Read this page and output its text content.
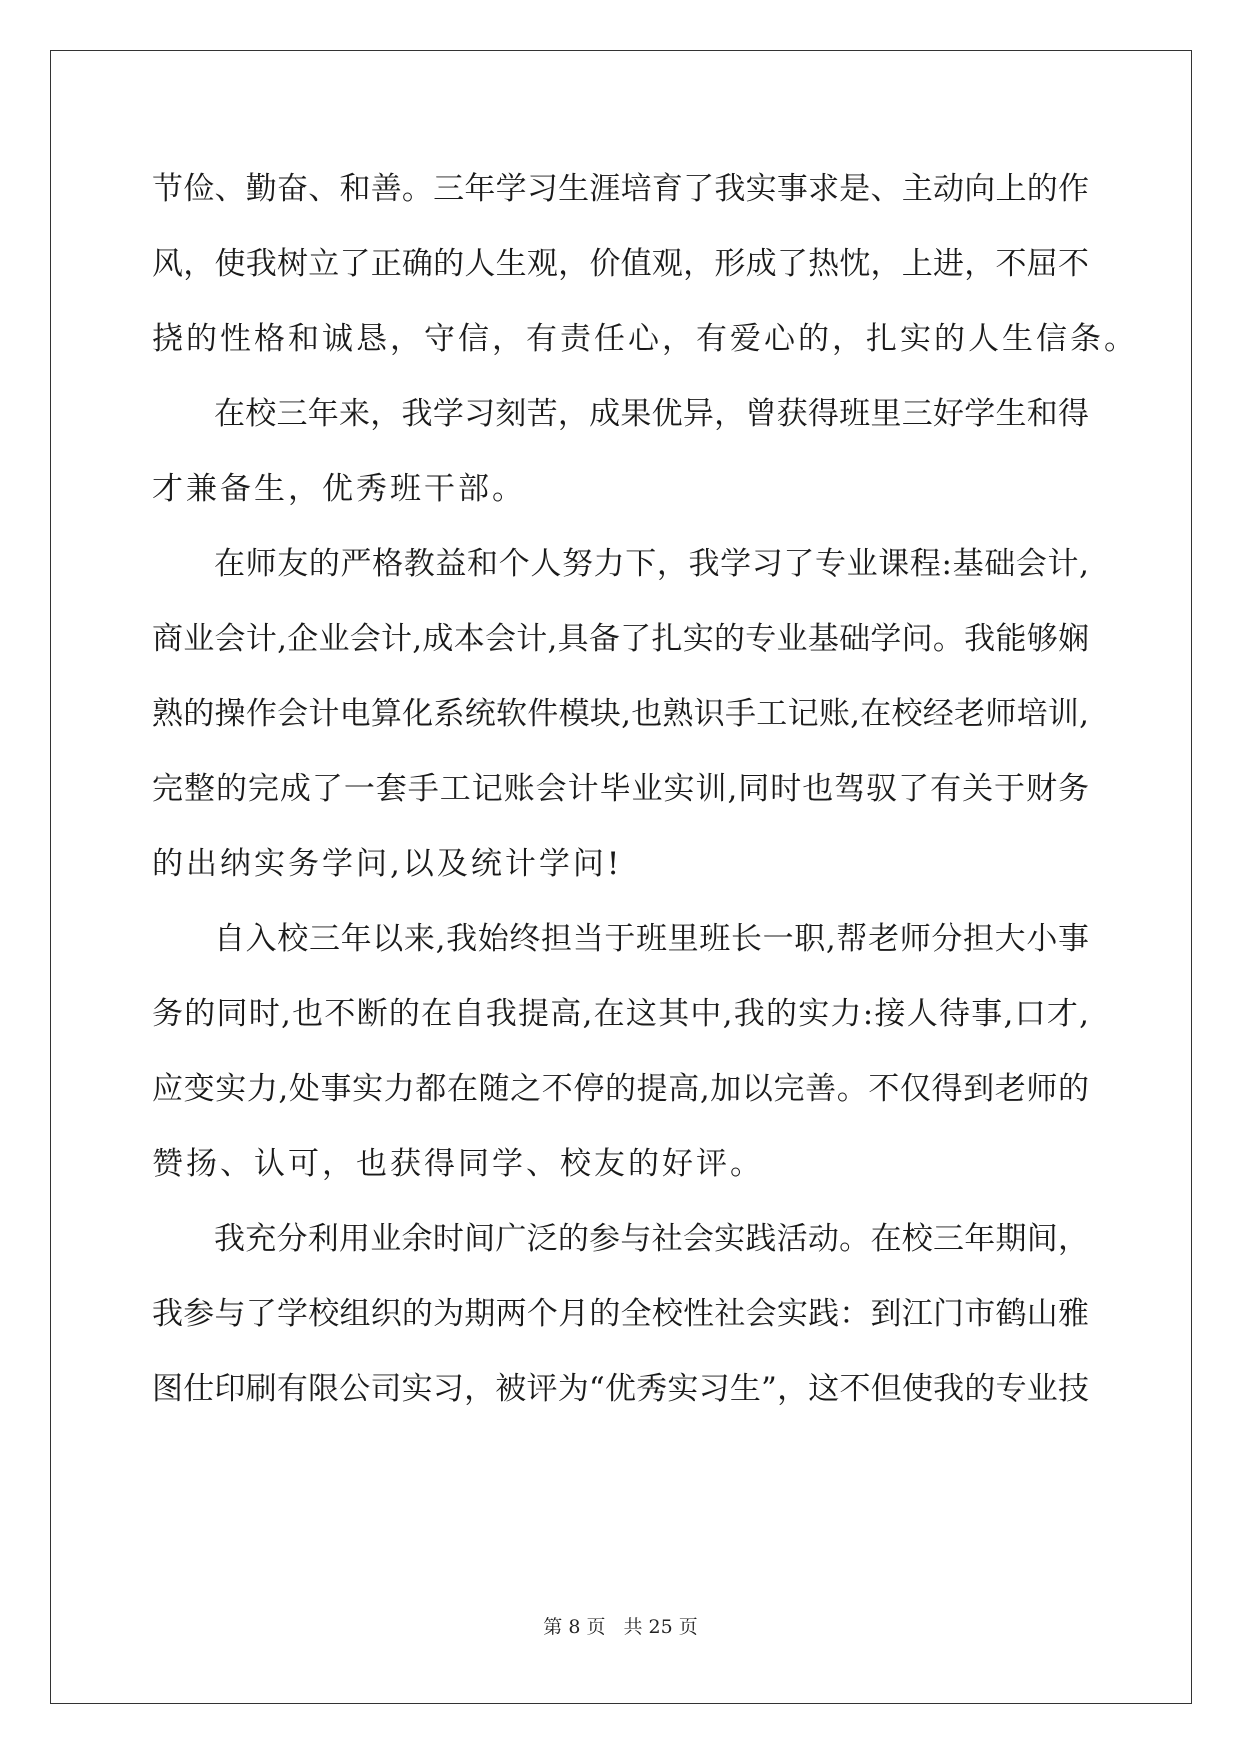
节俭、勤奋、和善。三年学习生涯培育了我实事求是、主动向上的作
风，使我树立了正确的人生观，价值观，形成了热忱，上进，不屈不
挠的性格和诚恳，守信，有责任心，有爱心的，扎实的人生信条。
在校三年来，我学习刻苦，成果优异，曾获得班里三好学生和得
才兼备生，优秀班干部。
在师友的严格教益和个人努力下，我学习了专业课程:基础会计,
商业会计,企业会计,成本会计,具备了扎实的专业基础学问。我能够娴
熟的操作会计电算化系统软件模块,也熟识手工记账,在校经老师培训,
完整的完成了一套手工记账会计毕业实训,同时也驾驭了有关于财务
的出纳实务学问,以及统计学问!
自入校三年以来,我始终担当于班里班长一职,帮老师分担大小事
务的同时,也不断的在自我提高,在这其中,我的实力:接人待事,口才,
应变实力,处事实力都在随之不停的提高,加以完善。不仅得到老师的
赞扬、认可，也获得同学、校友的好评。
我充分利用业余时间广泛的参与社会实践活动。在校三年期间，
我参与了学校组织的为期两个月的全校性社会实践：到江门市鹤山雅
图仕印刷有限公司实习，被评为“优秀实习生”，这不但使我的专业技
第 8 页 共 25 页
